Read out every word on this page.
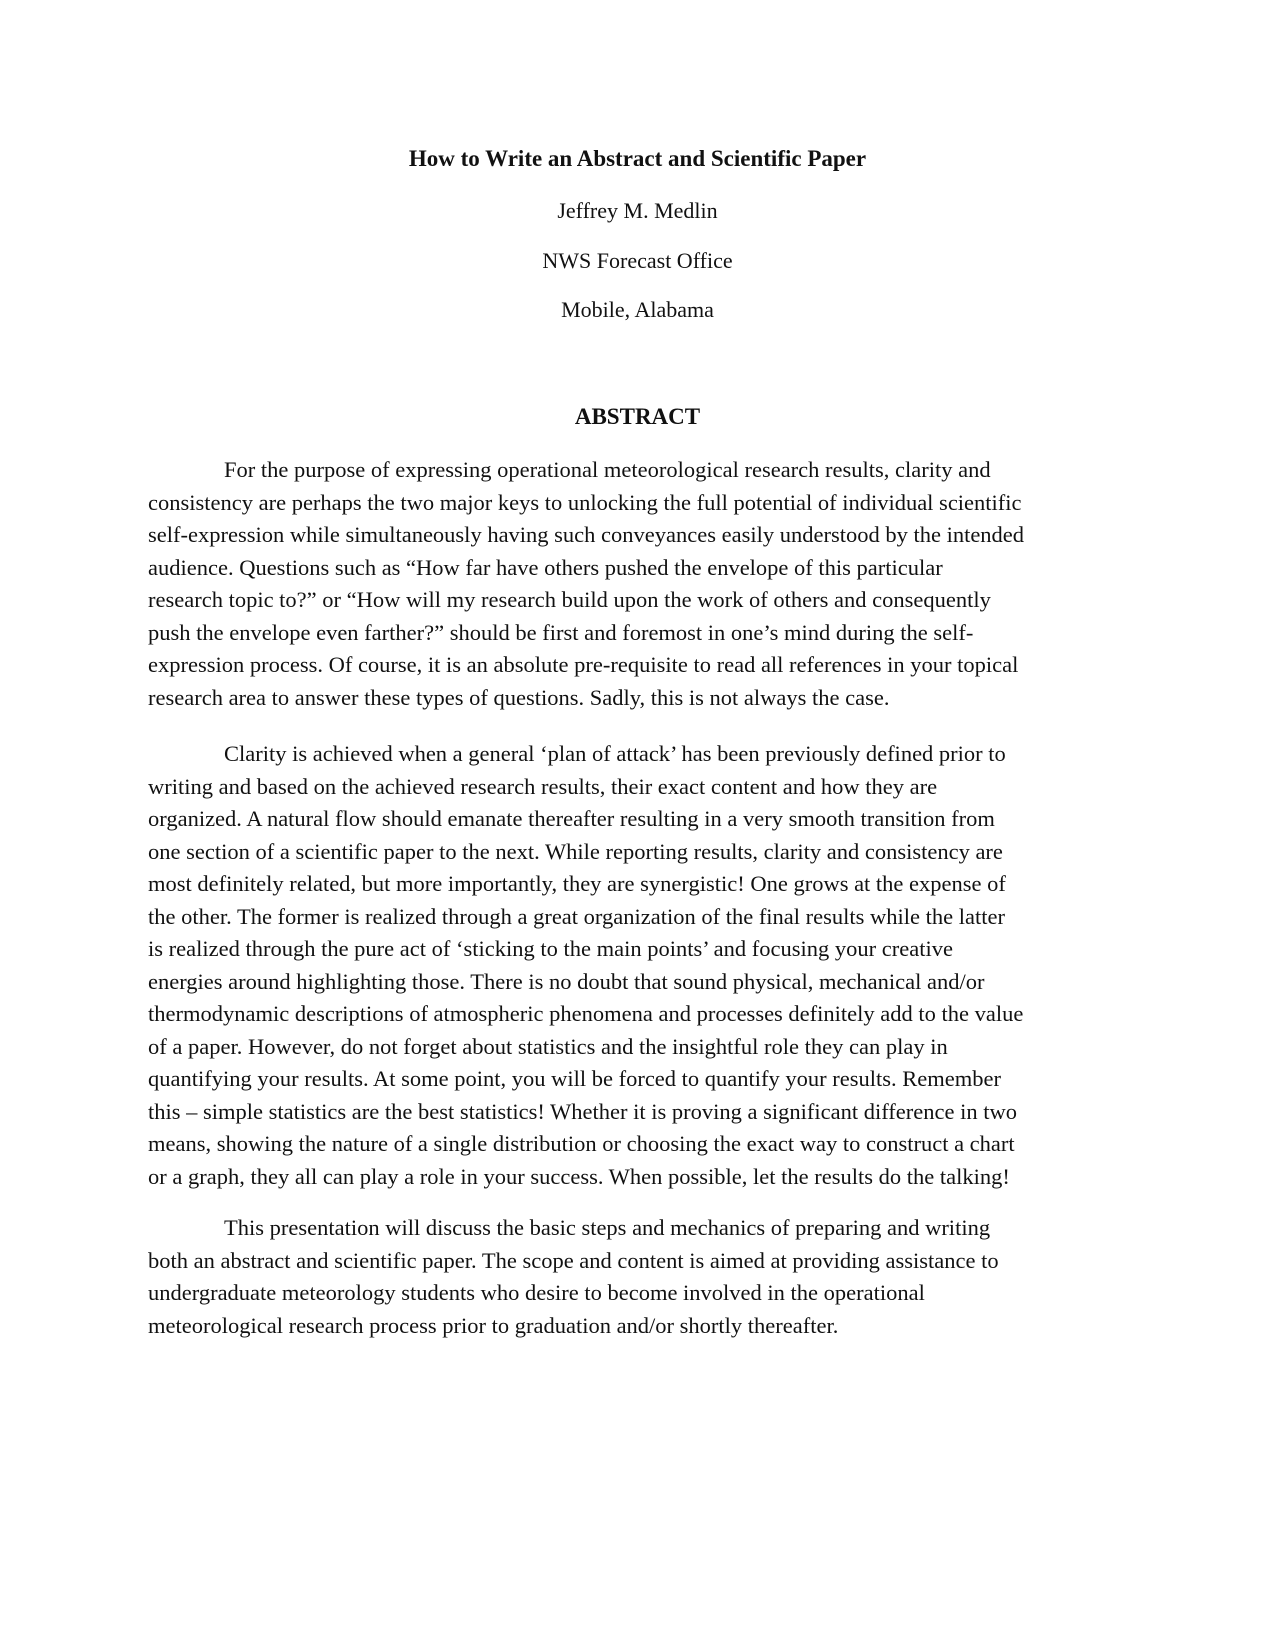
How to Write an Abstract and Scientific Paper
Jeffrey M. Medlin
NWS Forecast Office
Mobile, Alabama
ABSTRACT
For the purpose of expressing operational meteorological research results, clarity and
consistency are perhaps the two major keys to unlocking the full potential of individual scientific
self-expression while simultaneously having such conveyances easily understood by the intended
audience. Questions such as “How far have others pushed the envelope of this particular
research topic to?” or “How will my research build upon the work of others and consequently
push the envelope even farther?” should be first and foremost in one’s mind during the self-
expression process. Of course, it is an absolute pre-requisite to read all references in your topical
research area to answer these types of questions. Sadly, this is not always the case.
Clarity is achieved when a general ‘plan of attack’ has been previously defined prior to
writing and based on the achieved research results, their exact content and how they are
organized. A natural flow should emanate thereafter resulting in a very smooth transition from
one section of a scientific paper to the next. While reporting results, clarity and consistency are
most definitely related, but more importantly, they are synergistic! One grows at the expense of
the other. The former is realized through a great organization of the final results while the latter
is realized through the pure act of ‘sticking to the main points’ and focusing your creative
energies around highlighting those. There is no doubt that sound physical, mechanical and/or
thermodynamic descriptions of atmospheric phenomena and processes definitely add to the value
of a paper. However, do not forget about statistics and the insightful role they can play in
quantifying your results. At some point, you will be forced to quantify your results. Remember
this – simple statistics are the best statistics! Whether it is proving a significant difference in two
means, showing the nature of a single distribution or choosing the exact way to construct a chart
or a graph, they all can play a role in your success. When possible, let the results do the talking!
This presentation will discuss the basic steps and mechanics of preparing and writing
both an abstract and scientific paper. The scope and content is aimed at providing assistance to
undergraduate meteorology students who desire to become involved in the operational
meteorological research process prior to graduation and/or shortly thereafter.
